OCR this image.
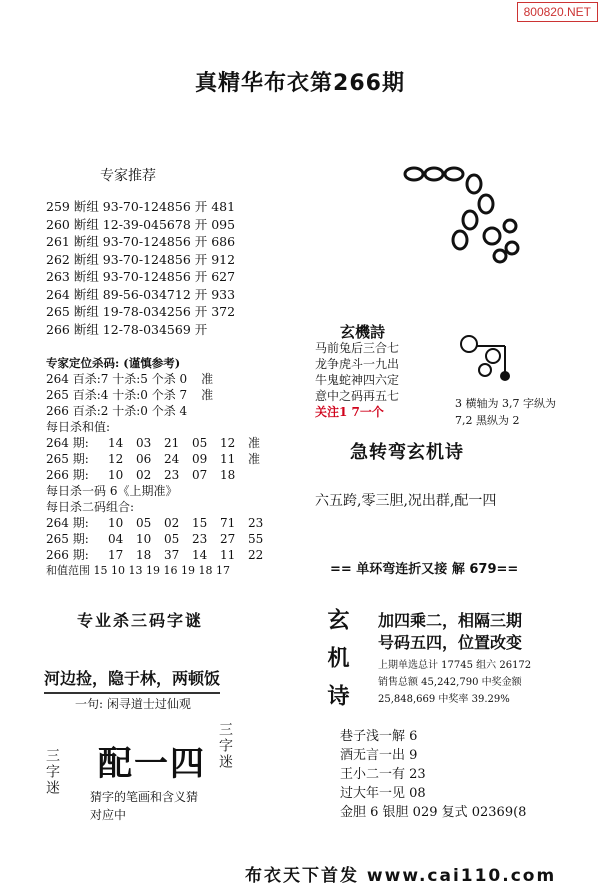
800820.NET
真精华布衣第266期
专家推荐
259 断组 93-70-124856 开 481
260 断组 12-39-045678 开 095
261 断组 93-70-124856 开 686
262 断组 93-70-124856 开 912
263 断组 93-70-124856 开 627
264 断组 89-56-034712 开 933
265 断组 19-78-034256 开 372
266 断组 12-78-034569 开
专家定位杀码: (谨慎参考)
264 百杀:7 十杀:5 个杀 0 准
265 百杀:4 十杀:0 个杀 7 准
266 百杀:2 十杀:0 个杀 4
每日杀和值:
264 期:	14	03	21	05	12	准
265 期:	12	06	24	09	11	准
266 期:	10	02	23	07	18
每日杀一码 6《上期准》
每日杀二码组合:
264 期:	10	05	02	15	71	23
265 期:	04	10	05	23	27	55
266 期:	17	18	37	14	11	22
和值范围 15 10 13 19 16 19 18 17
专业杀三码字谜
河边捡，隐于林，两顿饭
一句: 闲寻道士过仙观
三字迷
三字迷 配一四
猜字的笔画和含义猜
对应中
玄機詩
马前兔后三合七
龙争虎斗一九出
牛鬼蛇神四六定
意中之码再五七
关注1 7一个
3 横轴为 3,7 字纵为
7,2 黑纵为 2
急转弯玄机诗
六五跨,零三胆,况出群,配一四
== 单环弯连折又接 解 679==
玄机诗 加四乘二，相隔三期
号码五四，位置改变
上期单选总计 17745 组六 26172
销售总额 45,242,790 中奖金额
25,848,669 中奖率 39.29%
巷子浅一解 6
酒无言一出 9
王小二一有 23
过大年一见 08
金胆 6 银胆 029 复式 02369(8
布衣天下首发 www.cai110.com
